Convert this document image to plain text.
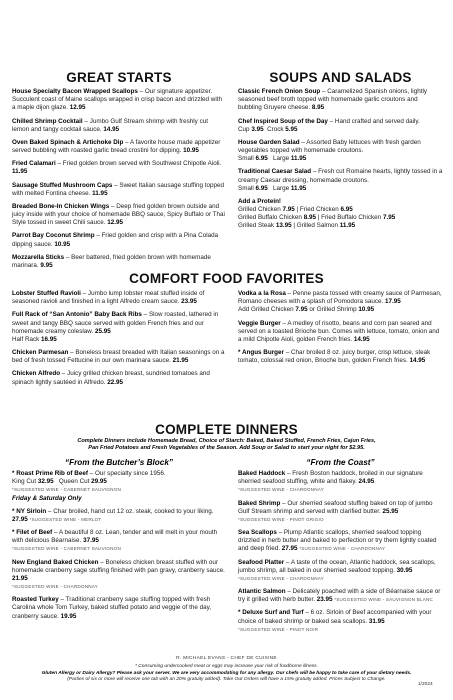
GREAT STARTS
House Specialty Bacon Wrapped Scallops – Our signature appetizer. Succulent coast of Maine scallops wrapped in crisp bacon and drizzled with a maple dijon glaze. 12.95
Chilled Shrimp Cocktail – Jumbo Gulf Stream shrimp with freshly cut lemon and tangy cocktail sauce. 14.95
Oven Baked Spinach & Artichoke Dip – A favorite house made appetizer served bubbling with roasted garlic bread crostini for dipping. 10.95
Fried Calamari – Fried golden brown served with Southwest Chipotle Aioli. 11.95
Sausage Stuffed Mushroom Caps – Sweet Italian sausage stuffing topped with melted Fontina cheese. 11.95
Breaded Bone-In Chicken Wings – Deep fried golden brown outside and juicy inside with your choice of homemade BBQ sauce, Spicy Buffalo or Thai Style tossed in sweet Chili sauce. 12.95
Parrot Bay Coconut Shrimp – Fried golden and crisp with a Pina Colada dipping sauce. 10.95
Mozzarella Sticks – Beer battered, fried golden brown with homemade marinara. 9.95
SOUPS AND SALADS
Classic French Onion Soup – Caramelized Spanish onions, lightly seasoned beef broth topped with homemade garlic croutons and bubbling Gruyere cheese. 8.95
Chef Inspired Soup of the Day – Hand crafted and served daily.
Cup 3.95 Crock 5.95
House Garden Salad – Assorted Baby lettuces with fresh garden vegetables topped with homemade croutons.
Small 6.95 Large 11.95
Traditional Caesar Salad – Fresh cut Romaine hearts, lightly tossed in a creamy Caesar dressing, homemade croutons.
Small 6.95 Large 11.95
Add a Protein!
Grilled Chicken 7.95 | Fried Chicken 6.95
Grilled Buffalo Chicken 8.95 | Fried Buffalo Chicken 7.95
Grilled Steak 13.95 | Grilled Salmon 11.95
COMFORT FOOD FAVORITES
Lobster Stuffed Ravioli – Jumbo lump lobster meat stuffed inside of seasoned ravioli and finished in a light Alfredo cream sauce. 23.95
Full Rack of “San Antonio” Baby Back Ribs – Slow roasted, lathered in sweet and tangy BBQ sauce served with golden French fries and our homemade creamy coleslaw. 25.95
Half Rack 16.95
Chicken Parmesan – Boneless breast breaded with Italian seasonings on a bed of fresh tossed Fettucine in our own marinara sauce. 21.95
Chicken Alfredo – Juicy grilled chicken breast, sundried tomatoes and spinach lightly sautéed in Alfredo. 22.95
Vodka a la Rosa – Penne pasta tossed with creamy sauce of Parmesan, Romano cheeses with a splash of Pomodora sauce. 17.95
Add Grilled Chicken 7.95 or Grilled Shrimp 10.95
Veggie Burger – A medley of risotto, beans and corn pan seared and served on a toasted Brioche bun. Comes with lettuce, tomato, onion and a mild Chipotle Aioli, golden French fries. 14.95
* Angus Burger – Char broiled 8 oz. juicy burger, crisp lettuce, steak tomato, colossal red onion, Brioche bun, golden French fries. 14.95
COMPLETE DINNERS
Complete Dinners include Homemade Bread, Choice of Starch: Baked, Baked Stuffed, French Fries, Cajun Fries,
Pan Fried Potatoes and Fresh Vegetables of the Season. Add Soup or Salad to start your night for $2.95.
“From the Butcher’s Block”
* Roast Prime Rib of Beef – Our specialty since 1956.
King Cut 32.95 Queen Cut 29.95
*SUGGESTED WINE - CABERNET SAUVIGNON
Friday & Saturday Only
* NY Sirloin – Char broiled, hand cut 12 oz. steak, cooked to your liking. 27.95 *SUGGESTED WINE - MERLOT
* Filet of Beef – A beautiful 8 oz. Lean, tender and will melt in your mouth with delicious Béarnaise. 37.95
*SUGGESTED WINE - CABERNET SAUVIGNON
New England Baked Chicken – Boneless chicken breast stuffed with our homemade cranberry sage stuffing finished with pan gravy, cranberry sauce. 21.95
*SUGGESTED WINE - CHARDONNAY
Roasted Turkey – Traditional cranberry sage stuffing topped with fresh Carolina whole Tom Turkey, baked stuffed potato and veggie of the day, cranberry sauce. 19.95
“From the Coast”
Baked Haddock – Fresh Boston haddock, broiled in our signature sherried seafood stuffing, white and flakey. 24.95
*SUGGESTED WINE - CHARDONNAY
Baked Shrimp – Our sherried seafood stuffing baked on top of jumbo Gulf Stream shrimp and served with clarified butter. 25.95
*SUGGESTED WINE - PINOT GRIGIO
Sea Scallops – Plump Atlantic scallops, sherried seafood topping drizzled in herb butter and baked to perfection or try them lightly coated and deep fried. 27.95 *SUGGESTED WINE - CHARDONNAY
Seafood Platter – A taste of the ocean, Atlantic haddock, sea scallops, jumbo shrimp, all baked in our sherried seafood topping. 30.95
*SUGGESTED WINE - CHARDONNAY
Atlantic Salmon – Delicately poached with a side of Béarnaise sauce or try it grilled with herb butter. 23.95 *SUGGESTED WINE - SAUVIGNON BLANC
* Deluxe Surf and Turf – 6 oz. Sirloin of Beef accompanied with your choice of baked shrimp or baked sea scallops. 31.95
*SUGGESTED WINE - PINOT NOIR
R. MICHAEL EVANS - CHEF DE CUISINE
* Consuming undercooked meat or eggs may increase your risk of foodborne illness.
Gluten Allergy or Dairy Allergy? Please ask your server. We are very accommodating for any allergy. Our chefs will be happy to take care of your dietary needs.
(Parties of six or more will receive one tab with an 20% gratuity added). Take Out Orders will have a 15% gratuity added. Prices Subject to Change.
1/2024
